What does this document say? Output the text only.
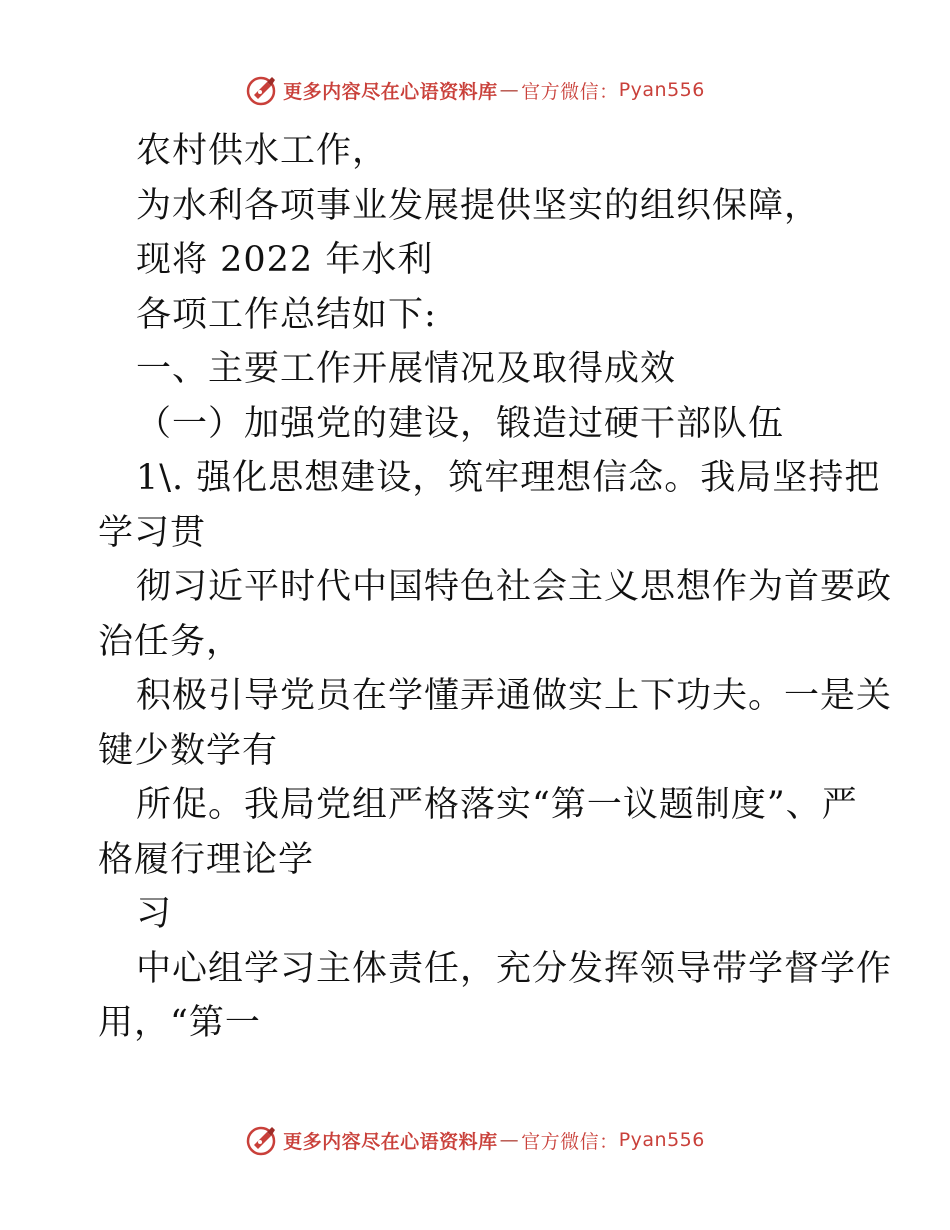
更多内容尽在心语资料库 — 官方微信： Pyan556
农村供水工作，
为水利各项事业发展提供坚实的组织保障，
现将 2022 年水利
各项工作总结如下:
一、主要工作开展情况及取得成效
（一）加强党的建设，锻造过硬干部队伍
1\. 强化思想建设，筑牢理想信念。我局坚持把
学习贯
彻习近平时代中国特色社会主义思想作为首要政
治任务，
积极引导党员在学懂弄通做实上下功夫。一是关
键少数学有
所促。我局党组严格落实“第一议题制度”、严
格履行理论学
习
中心组学习主体责任，充分发挥领导带学督学作
用，“第一
更多内容尽在心语资料库 — 官方微信： Pyan556
